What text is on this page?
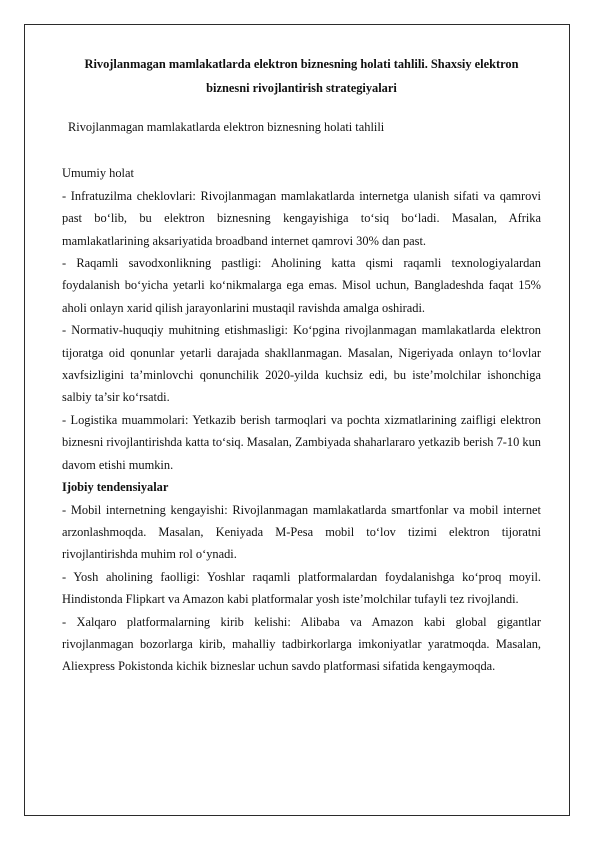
Rivojlanmagan mamlakatlarda elektron biznesning holati tahlili. Shaxsiy elektron biznesni rivojlantirish strategiyalari

Rivojlanmagan mamlakatlarda elektron biznesning holati tahlili

Umumiy holat

- Infratuzilma cheklovlari: Rivojlanmagan mamlakatlarda internetga ulanish sifati va qamrovi past bo‘lib, bu elektron biznesning kengayishiga to‘siq bo‘ladi. Masalan, Afrika mamlakatlarining aksariyatida broadband internet qamrovi 30% dan past.

- Raqamli savodxonlikning pastligi: Aholining katta qismi raqamli texnologiyalardan foydalanish bo‘yicha yetarli ko‘nikmalarga ega emas. Misol uchun, Bangladeshda faqat 15% aholi onlayn xarid qilish jarayonlarini mustaqil ravishda amalga oshiradi.

- Normativ-huquqiy muhitning etishmasligi: Ko‘pgina rivojlanmagan mamlakatlarda elektron tijoratga oid qonunlar yetarli darajada shakllanmagan. Masalan, Nigeriyada onlayn to‘lovlar xavfsizligini ta’minlovchi qonunchilik 2020-yilda kuchsiz edi, bu iste’molchilar ishonchiga salbiy ta’sir ko‘rsatdi.

- Logistika muammolari: Yetkazib berish tarmoqlari va pochta xizmatlarining zaifligi elektron biznesni rivojlantirishda katta to‘siq. Masalan, Zambiyada shaharlararo yetkazib berish 7-10 kun davom etishi mumkin.

Ijobiy tendensiyalar

- Mobil internetning kengayishi: Rivojlanmagan mamlakatlarda smartfonlar va mobil internet arzonlashmoqda. Masalan, Keniyada M-Pesa mobil to‘lov tizimi elektron tijoratni rivojlantirishda muhim rol o‘ynadi.

- Yosh aholining faolligi: Yoshlar raqamli platformalardan foydalanishga ko‘proq moyil. Hindistonda Flipkart va Amazon kabi platformalar yosh iste’molchilar tufayli tez rivojlandi.

- Xalqaro platformalarning kirib kelishi: Alibaba va Amazon kabi global gigantlar rivojlanmagan bozorlarga kirib, mahalliy tadbirkorlarga imkoniyatlar yaratmoqda. Masalan, Aliexpress Pokistonda kichik bizneslar uchun savdo platformasi sifatida kengaymoqda.
